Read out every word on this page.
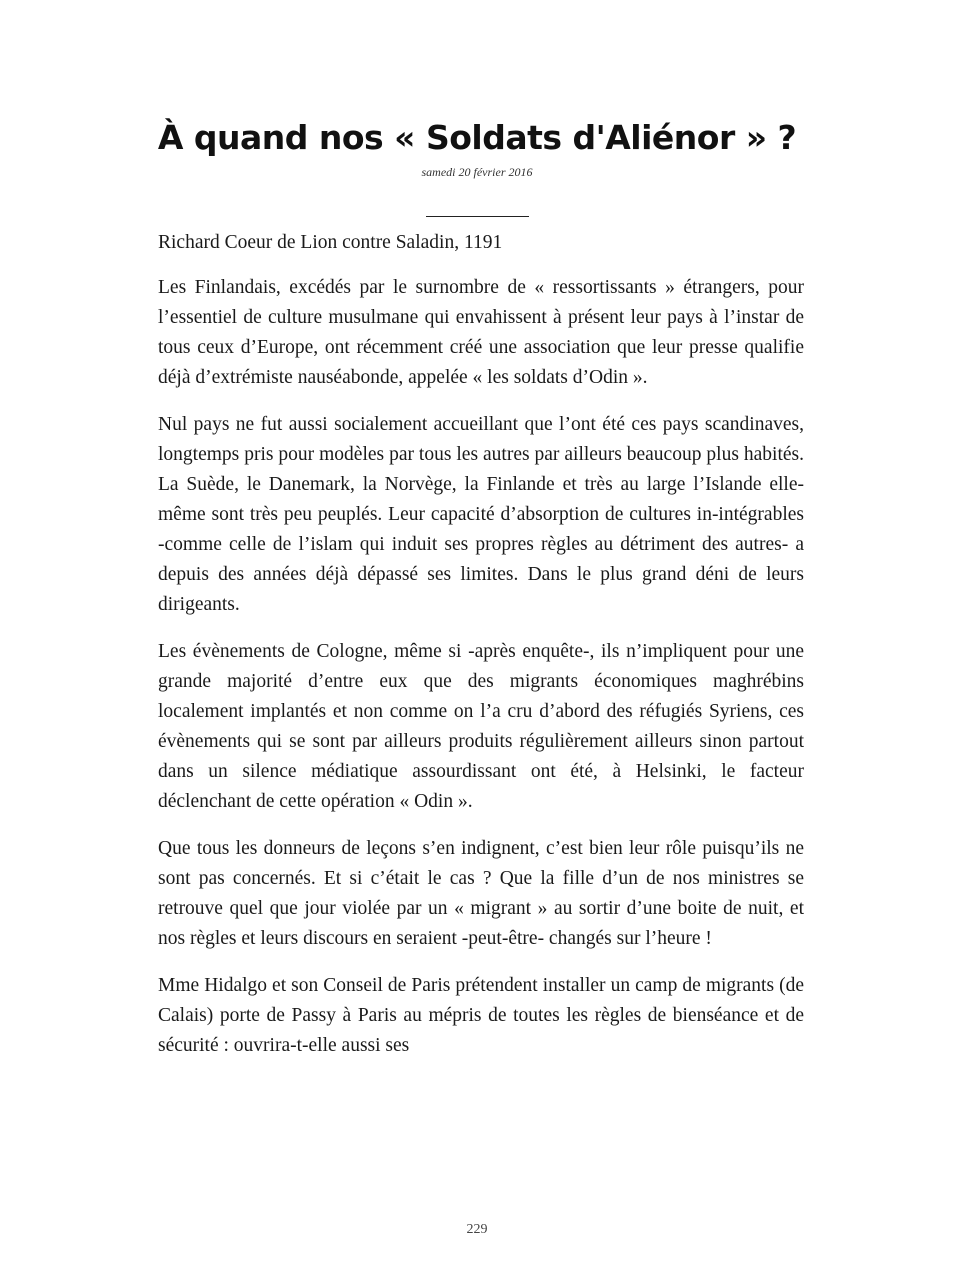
À quand nos « Soldats d'Aliénor » ?
samedi 20 février 2016

Richard Coeur de Lion contre Saladin, 1191

Les Finlandais, excédés par le surnombre de « ressortissants » étrangers, pour l’essentiel de culture musulmane qui envahissent à présent leur pays à l’instar de tous ceux d’Europe, ont récemment créé une association que leur presse qualifie déjà d’extrémiste nauséabonde, appelée « les soldats d’Odin ».

Nul pays ne fut aussi socialement accueillant que l’ont été ces pays scandinaves, longtemps pris pour modèles par tous les autres par ailleurs beaucoup plus habités. La Suède, le Danemark, la Norvège, la Finlande et très au large l’Islande elle-même sont très peu peuplés. Leur capacité d’absorption de cultures in-intégrables -comme celle de l’islam qui induit ses propres règles au détriment des autres- a depuis des années déjà dépassé ses limites. Dans le plus grand déni de leurs dirigeants.

Les évènements de Cologne, même si -après enquête-, ils n’impliquent pour une grande majorité d’entre eux que des migrants économiques maghrébins localement implantés et non comme on l’a cru d’abord des réfugiés Syriens, ces évènements qui se sont par ailleurs produits régulièrement ailleurs sinon partout dans un silence médiatique assourdissant ont été, à Helsinki, le facteur déclenchant de cette opération « Odin ».

Que tous les donneurs de leçons s’en indignent, c’est bien leur rôle puisqu’ils ne sont pas concernés. Et si c’était le cas ? Que la fille d’un de nos ministres se retrouve quel que jour violée par un « migrant » au sortir d’une boite de nuit, et nos règles et leurs discours en seraient -peut-être- changés sur l’heure !

Mme Hidalgo et son Conseil de Paris prétendent installer un camp de migrants (de Calais) porte de Passy à Paris au mépris de toutes les règles de bienséance et de sécurité : ouvrira-t-elle aussi ses

229
